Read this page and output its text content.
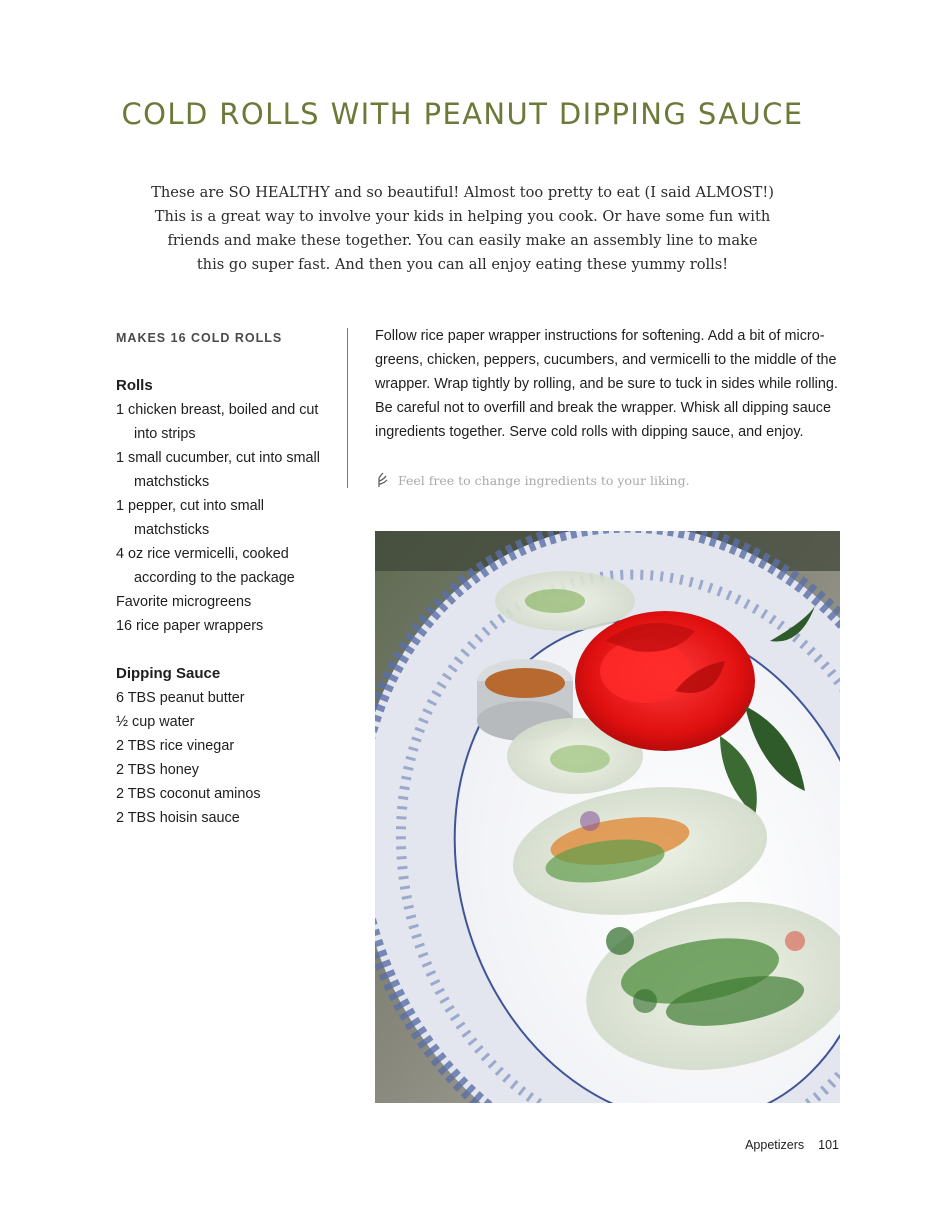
COLD ROLLS WITH PEANUT DIPPING SAUCE

These are SO HEALTHY and so beautiful! Almost too pretty to eat (I said ALMOST!)
This is a great way to involve your kids in helping you cook. Or have some fun with
friends and make these together. You can easily make an assembly line to make
this go super fast. And then you can all enjoy eating these yummy rolls!

MAKES 16 COLD ROLLS
Rolls
1 chicken breast, boiled and cut into strips
1 small cucumber, cut into small matchsticks
1 pepper, cut into small matchsticks
4 oz rice vermicelli, cooked according to the package
Favorite microgreens
16 rice paper wrappers
Dipping Sauce
6 TBS peanut butter
½ cup water
2 TBS rice vinegar
2 TBS honey
2 TBS coconut aminos
2 TBS hoisin sauce

Follow rice paper wrapper instructions for softening. Add a bit of micro-
greens, chicken, peppers, cucumbers, and vermicelli to the middle of the
wrapper. Wrap tightly by rolling, and be sure to tuck in sides while rolling.
Be careful not to overfill and break the wrapper. Whisk all dipping sauce
ingredients together. Serve cold rolls with dipping sauce, and enjoy.

Feel free to change ingredients to your liking.
Appetizers 101
